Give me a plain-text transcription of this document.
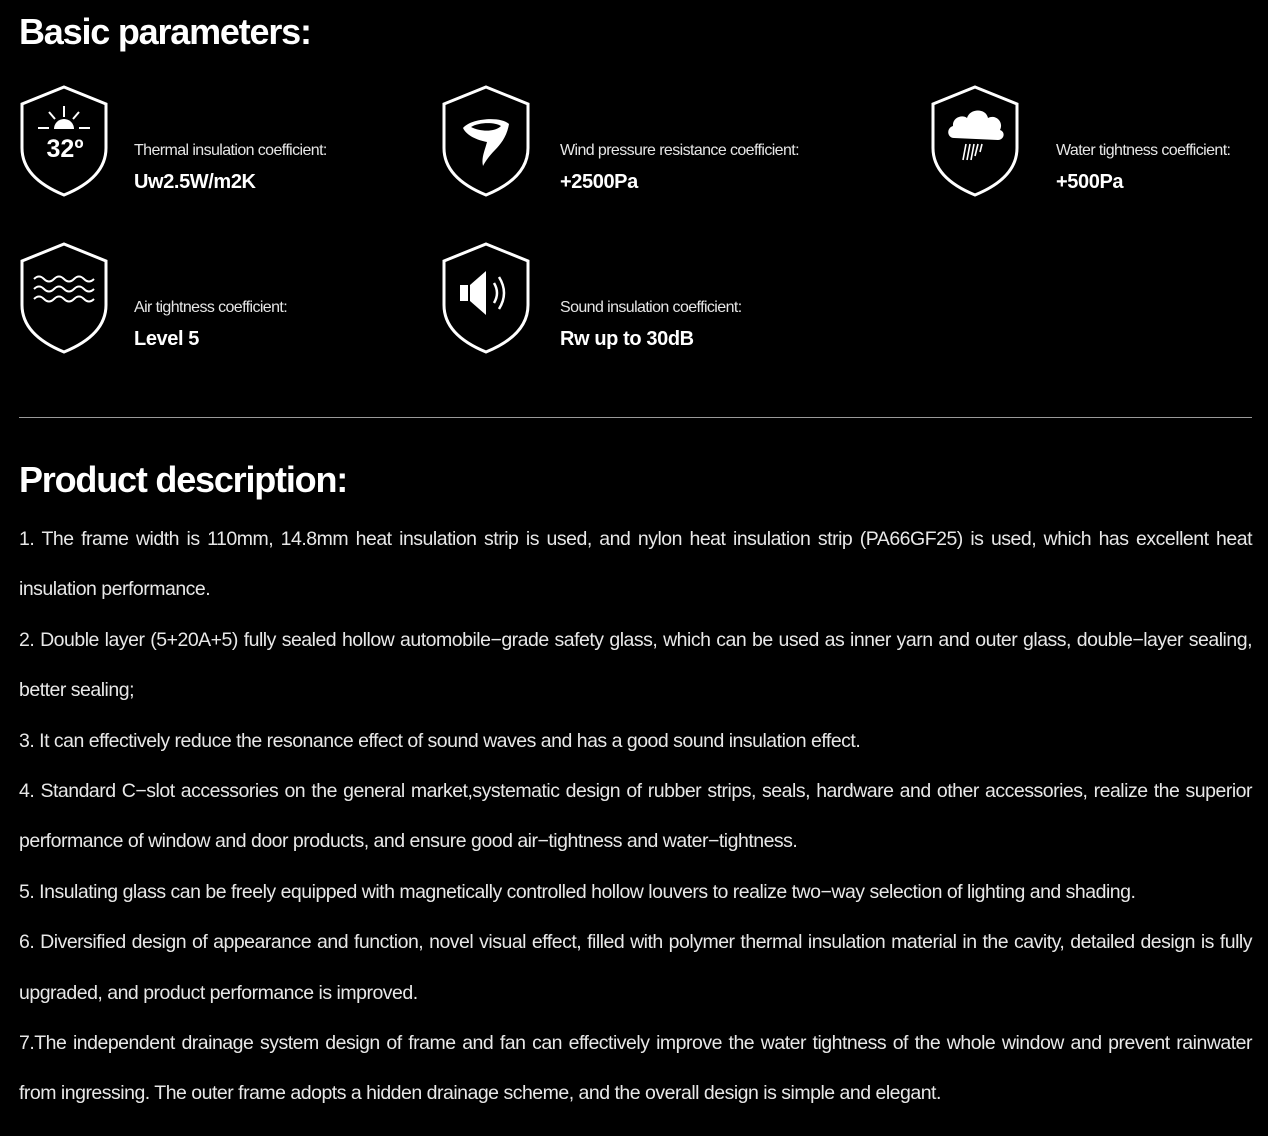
Basic parameters:
32º	Thermal insulation coefficient:
Uw2.5W/m2K
Wind pressure resistance coefficient:
+2500Pa
Water tightness coefficient:
+500Pa
Air tightness coefficient:
Level 5
Sound insulation coefficient:
Rw up to 30dB
Product description:
1. The frame width is 110mm, 14.8mm heat insulation strip is used, and nylon heat insulation strip (PA66GF25) is used, which has excellent heat insulation performance.
2. Double layer (5+20A+5) fully sealed hollow automobile−grade safety glass, which can be used as inner yarn and outer glass, double−layer sealing, better sealing;
3. It can effectively reduce the resonance effect of sound waves and has a good sound insulation effect.
4. Standard C−slot accessories on the general market,systematic design of rubber strips, seals, hardware and other accessories, realize the superior performance of window and door products, and ensure good air−tightness and water−tightness.
5. Insulating glass can be freely equipped with magnetically controlled hollow louvers to realize two−way selection of lighting and shading.
6. Diversified design of appearance and function, novel visual effect, filled with polymer thermal insulation material in the cavity, detailed design is fully upgraded, and product performance is improved.
7.The independent drainage system design of frame and fan can effectively improve the water tightness of the whole window and prevent rainwater from ingressing. The outer frame adopts a hidden drainage scheme, and the overall design is simple and elegant.
